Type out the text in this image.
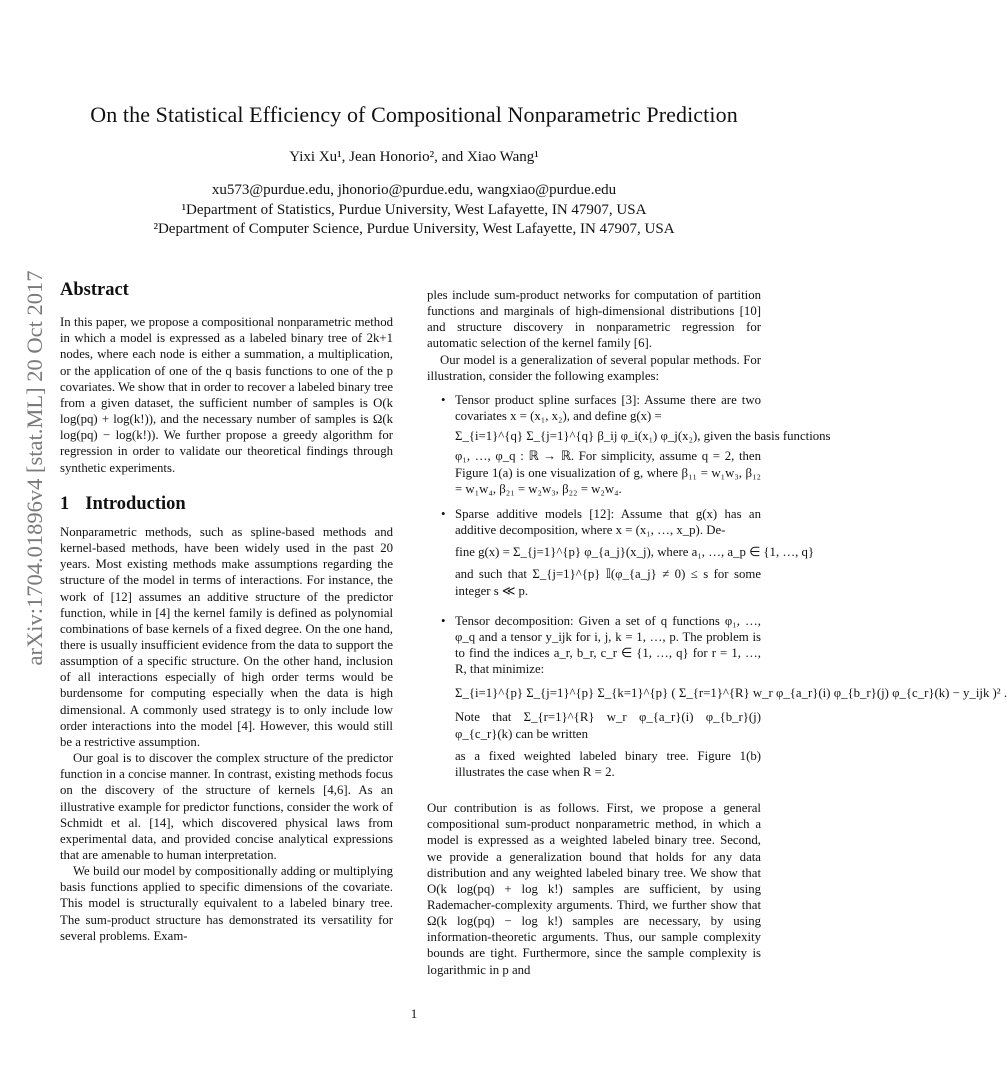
On the Statistical Efficiency of Compositional Nonparametric Prediction
Yixi Xu¹, Jean Honorio², and Xiao Wang¹
xu573@purdue.edu, jhonorio@purdue.edu, wangxiao@purdue.edu
¹Department of Statistics, Purdue University, West Lafayette, IN 47907, USA
²Department of Computer Science, Purdue University, West Lafayette, IN 47907, USA
arXiv:1704.01896v4 [stat.ML] 20 Oct 2017 Abstract

In this paper, we propose a compositional nonparametric method in which a model is expressed as a labeled binary tree of 2k+1 nodes, where each node is either a summation, a multiplication, or the application of one of the q basis functions to one of the p covariates. We show that in order to recover a labeled binary tree from a given dataset, the sufficient number of samples is O(k log(pq) + log(k!)), and the necessary number of samples is Ω(k log(pq) − log(k!)). We further propose a greedy algorithm for regression in order to validate our theoretical findings through synthetic experiments.

1 Introduction

Nonparametric methods, such as spline-based methods and kernel-based methods, have been widely used in the past 20 years. Most existing methods make assumptions regarding the structure of the model in terms of interactions. For instance, the work of [12] assumes an additive structure of the predictor function, while in [4] the kernel family is defined as polynomial combinations of base kernels of a fixed degree. On the one hand, there is usually insufficient evidence from the data to support the assumption of a specific structure. On the other hand, inclusion of all interactions especially of high order terms would be burdensome for computing especially when the data is high dimensional. A commonly used strategy is to only include low order interactions into the model [4]. However, this would still be a restrictive assumption.

Our goal is to discover the complex structure of the predictor function in a concise manner. In contrast, existing methods focus on the discovery of the structure of kernels [4,6]. As an illustrative example for predictor functions, consider the work of Schmidt et al. [14], which discovered physical laws from experimental data, and provided concise analytical expressions that are amenable to human interpretation.

We build our model by compositionally adding or multiplying basis functions applied to specific dimensions of the covariate. This model is structurally equivalent to a labeled binary tree. The sum-product structure has demonstrated its versatility for several problems. Exam-

ples include sum-product networks for computation of partition functions and marginals of high-dimensional distributions [10] and structure discovery in nonparametric regression for automatic selection of the kernel family [6].

Our model is a generalization of several popular methods. For illustration, consider the following examples:

• Tensor product spline surfaces [3]: Assume there are two covariates x = (x₁, x₂), and define g(x) =

Σ_{i=1}^{q} Σ_{j=1}^{q} β_ij φ_i(x₁) φ_j(x₂), given the basis functions

φ₁, …, φ_q : ℝ → ℝ. For simplicity, assume q = 2, then Figure 1(a) is one visualization of g, where β₁₁ = w₁w₃, β₁₂ = w₁w₄, β₂₁ = w₂w₃, β₂₂ = w₂w₄.

• Sparse additive models [12]: Assume that g(x) has an additive decomposition, where x = (x₁, …, x_p). De-

fine g(x) = Σ_{j=1}^{p} φ_{a_j}(x_j), where a₁, …, a_p ∈ {1, …, q}

and such that Σ_{j=1}^{p} 𝕀(φ_{a_j} ≠ 0) ≤ s for some integer s ≪ p.

• Tensor decomposition: Given a set of q functions φ₁, …, φ_q and a tensor y_ijk for i, j, k = 1, …, p. The problem is to find the indices a_r, b_r, c_r ∈ {1, …, q} for r = 1, …, R, that minimize:

Σ_{i=1}^{p} Σ_{j=1}^{p} Σ_{k=1}^{p} ( Σ_{r=1}^{R} w_r φ_{a_r}(i) φ_{b_r}(j) φ_{c_r}(k) − y_ijk )² .

Note that Σ_{r=1}^{R} w_r φ_{a_r}(i) φ_{b_r}(j) φ_{c_r}(k) can be written

as a fixed weighted labeled binary tree. Figure 1(b) illustrates the case when R = 2.

Our contribution is as follows. First, we propose a general compositional sum-product nonparametric method, in which a model is expressed as a weighted labeled binary tree. Second, we provide a generalization bound that holds for any data distribution and any weighted labeled binary tree. We show that O(k log(pq) + log k!) samples are sufficient, by using Rademacher-complexity arguments. Third, we further show that Ω(k log(pq) − log k!) samples are necessary, by using information-theoretic arguments. Thus, our sample complexity bounds are tight. Furthermore, since the sample complexity is logarithmic in p and

1
